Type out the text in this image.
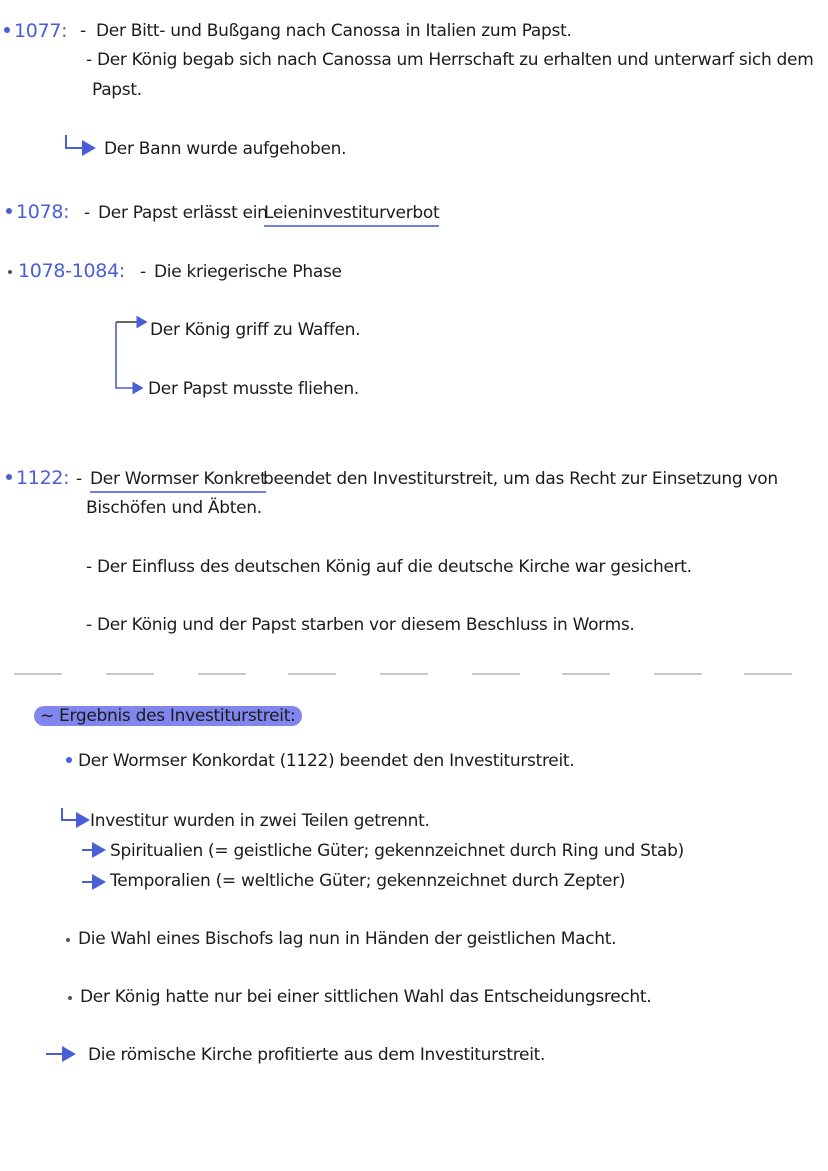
1077: - Der Bitt- und Bußgang nach Canossa in Italien zum Papst.
- Der König begab sich nach Canossa um Herrschaft zu erhalten und unterwarf sich dem
Papst.
Der Bann wurde aufgehoben.
1078: - Der Papst erlässt ein
Leieninvestiturverbot
1078-1084: - Die kriegerische Phase
Der König griff zu Waffen.
Der Papst musste fliehen.
1122: - Der Wormser Konkret
beendet den Investiturstreit, um das Recht zur Einsetzung von
Bischöfen und Äbten.
- Der Einfluss des deutschen König auf die deutsche Kirche war gesichert.
- Der König und der Papst starben vor diesem Beschluss in Worms.
~ Ergebnis des Investiturstreit:
Der Wormser Konkordat (1122) beendet den Investiturstreit.
Investitur wurden in zwei Teilen getrennt.
Spiritualien (= geistliche Güter; gekennzeichnet durch Ring und Stab)
Temporalien (= weltliche Güter; gekennzeichnet durch Zepter)
Die Wahl eines Bischofs lag nun in Händen der geistlichen Macht.
Der König hatte nur bei einer sittlichen Wahl das Entscheidungsrecht.
Die römische Kirche profitierte aus dem Investiturstreit.
